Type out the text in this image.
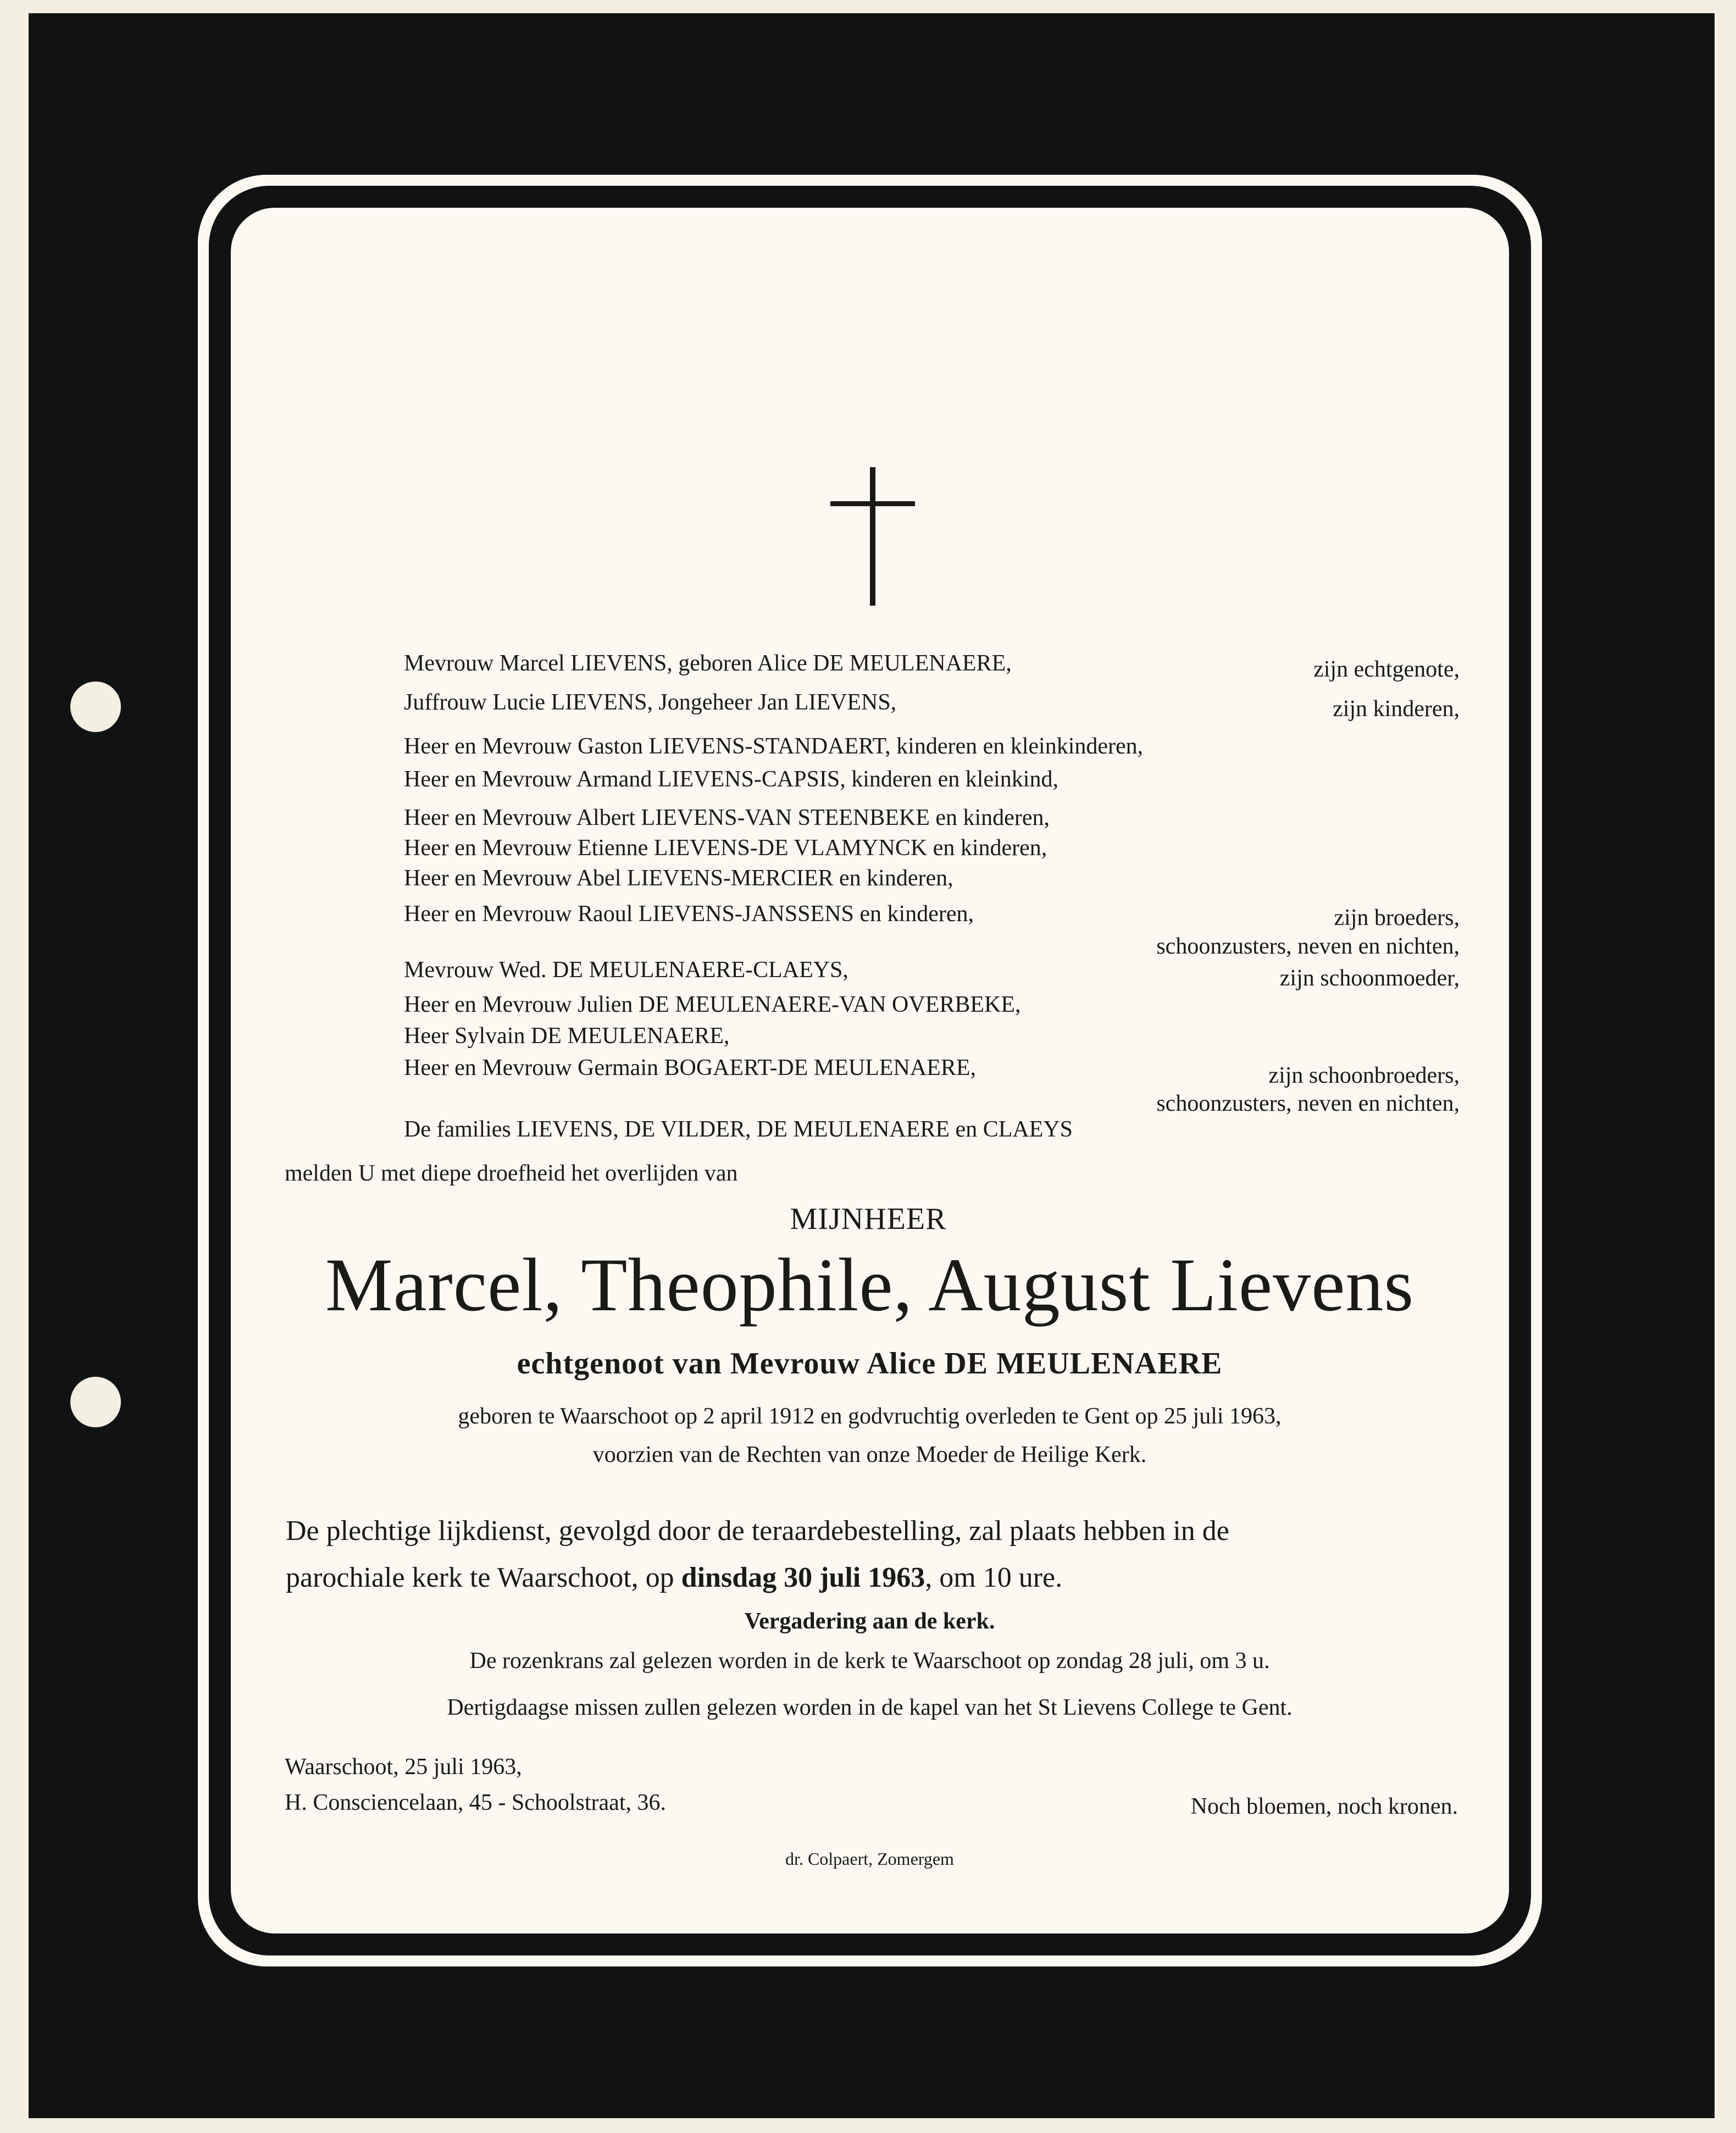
Mevrouw Marcel LIEVENS, geboren Alice DE MEULENAERE,	zijn echtgenote,
Juffrouw Lucie LIEVENS, Jongeheer Jan LIEVENS,	zijn kinderen,
Heer en Mevrouw Gaston LIEVENS-STANDAERT, kinderen en kleinkinderen,
Heer en Mevrouw Armand LIEVENS-CAPSIS, kinderen en kleinkind,
Heer en Mevrouw Albert LIEVENS-VAN STEENBEKE en kinderen,
Heer en Mevrouw Etienne LIEVENS-DE VLAMYNCK en kinderen,
Heer en Mevrouw Abel LIEVENS-MERCIER en kinderen,
Heer en Mevrouw Raoul LIEVENS-JANSSENS en kinderen,	zijn broeders,
schoonzusters, neven en nichten,
Mevrouw Wed. DE MEULENAERE-CLAEYS,	zijn schoonmoeder,
Heer en Mevrouw Julien DE MEULENAERE-VAN OVERBEKE,
Heer Sylvain DE MEULENAERE,
Heer en Mevrouw Germain BOGAERT-DE MEULENAERE,	zijn schoonbroeders,
schoonzusters, neven en nichten,
De families LIEVENS, DE VILDER, DE MEULENAERE en CLAEYS
melden U met diepe droefheid het overlijden van
MIJNHEER
Marcel, Theophile, August Lievens
echtgenoot van Mevrouw Alice DE MEULENAERE
geboren te Waarschoot op 2 april 1912 en godvruchtig overleden te Gent op 25 juli 1963,
voorzien van de Rechten van onze Moeder de Heilige Kerk.
De plechtige lijkdienst, gevolgd door de teraardebestelling, zal plaats hebben in de
parochiale kerk te Waarschoot, op dinsdag 30 juli 1963, om 10 ure.
Vergadering aan de kerk.
De rozenkrans zal gelezen worden in de kerk te Waarschoot op zondag 28 juli, om 3 u.
Dertigdaagse missen zullen gelezen worden in de kapel van het St Lievens College te Gent.
Waarschoot, 25 juli 1963,
H. Consciencelaan, 45 - Schoolstraat, 36.	Noch bloemen, noch kronen.
dr. Colpaert, Zomergem
